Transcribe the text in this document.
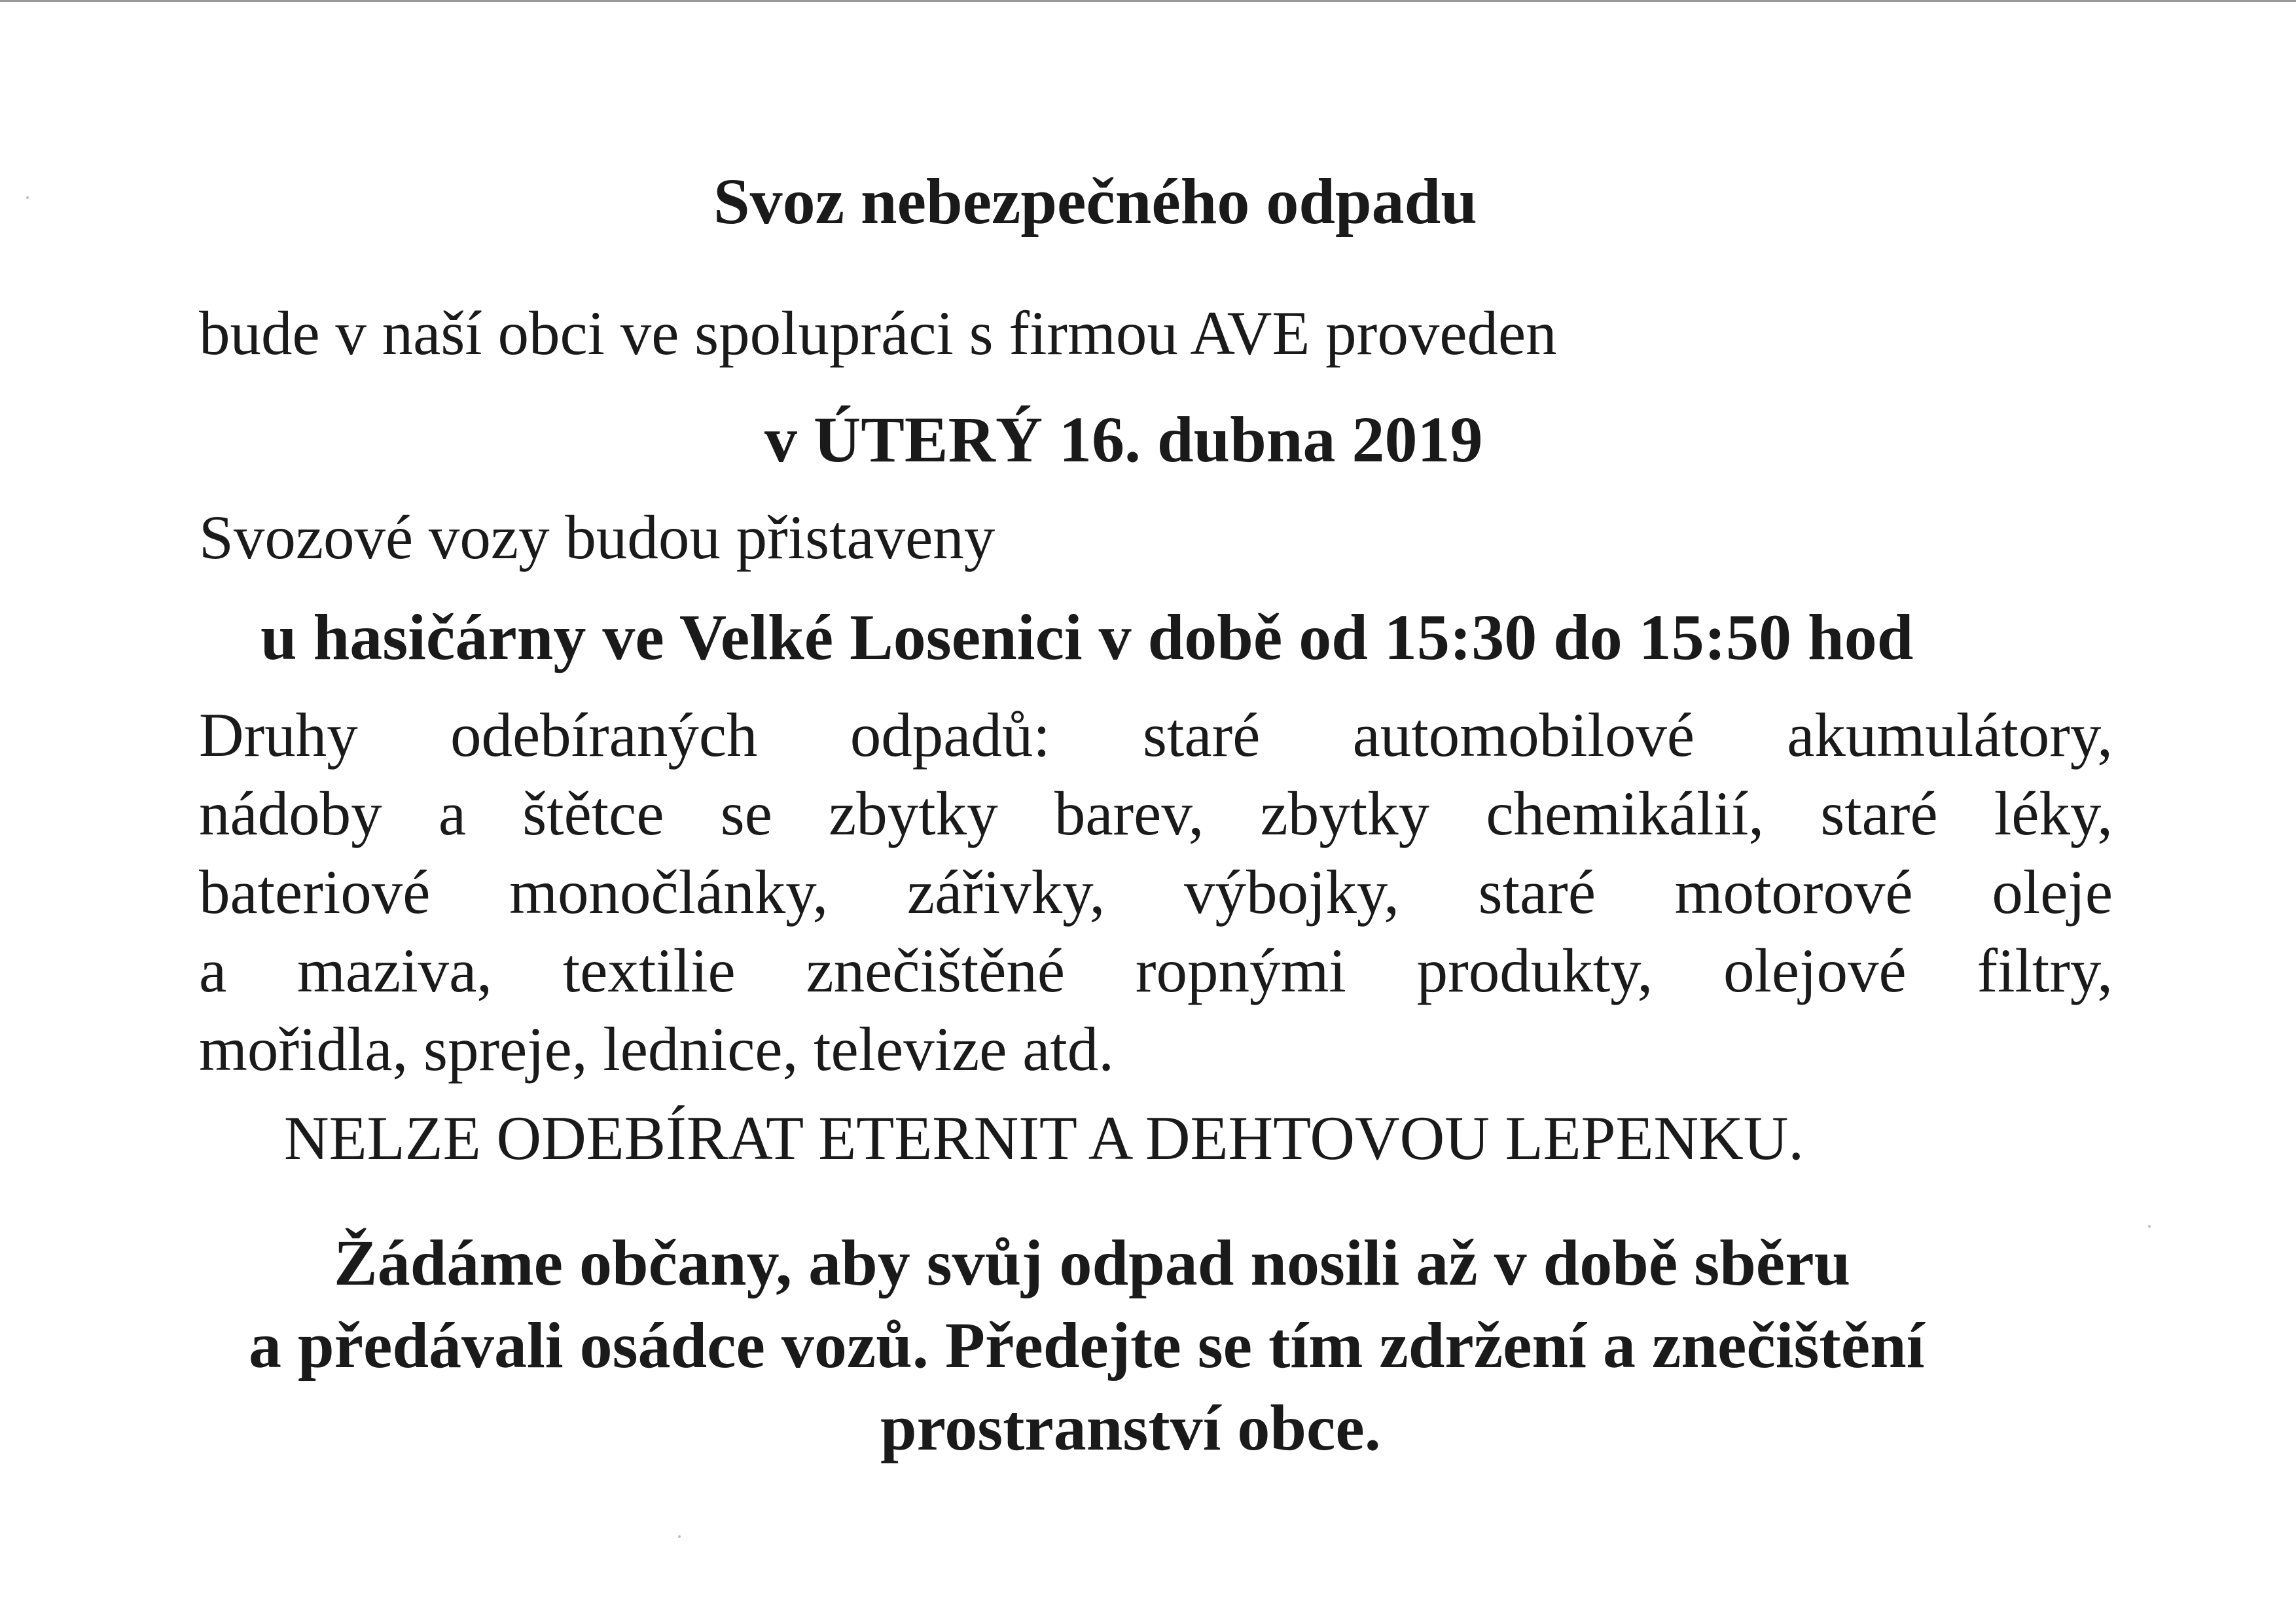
Svoz nebezpečného odpadu
bude v naší obci ve spolupráci s firmou AVE proveden
v ÚTERÝ 16. dubna 2019
Svozové vozy budou přistaveny
u hasičárny ve Velké Losenici v době od 15:30 do 15:50 hod
Druhy odebíraných odpadů: staré automobilové akumulátory,
nádoby a štětce se zbytky barev, zbytky chemikálií, staré léky,
bateriové monočlánky, zářivky, výbojky, staré motorové oleje
a maziva, textilie znečištěné ropnými produkty, olejové filtry,
mořidla, spreje, lednice, televize atd.
NELZE ODEBÍRAT ETERNIT A DEHTOVOU LEPENKU.
Žádáme občany, aby svůj odpad nosili až v době sběru
a předávali osádce vozů. Předejte se tím zdržení a znečištění
prostranství obce.
